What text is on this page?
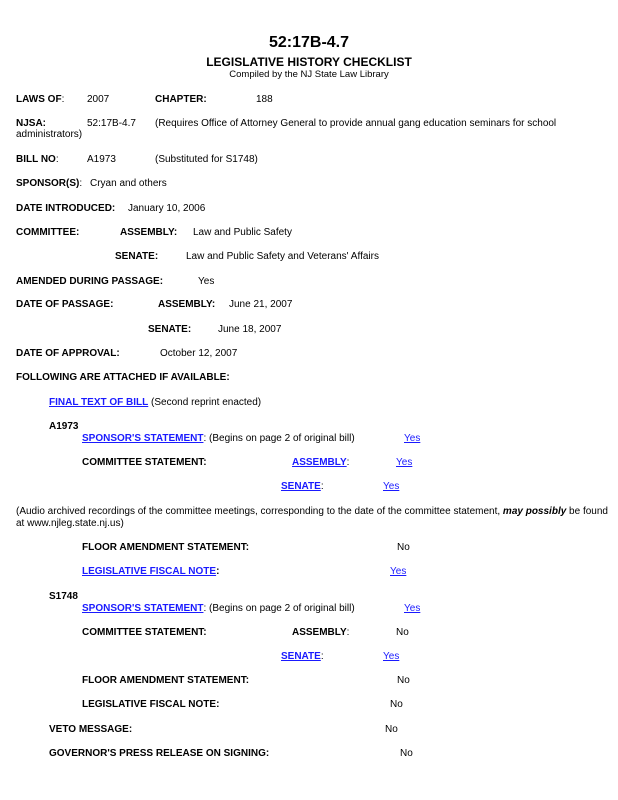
52:17B-4.7
LEGISLATIVE HISTORY CHECKLIST
Compiled by the NJ State Law Library
LAWS OF: 2007	CHAPTER:	188
NJSA:	52:17B-4.7 (Requires Office of Attorney General to provide annual gang education seminars for school
administrators)
BILL NO:	A1973	(Substituted for S1748)
SPONSOR(S): Cryan and others
DATE INTRODUCED: January 10, 2006
COMMITTEE:	ASSEMBLY: Law and Public Safety
SENATE:	Law and Public Safety and Veterans' Affairs
AMENDED DURING PASSAGE:	Yes
DATE OF PASSAGE:	ASSEMBLY: June 21, 2007
SENATE:	June 18, 2007
DATE OF APPROVAL:	October 12, 2007
FOLLOWING ARE ATTACHED IF AVAILABLE:
FINAL TEXT OF BILL (Second reprint enacted)
A1973
SPONSOR'S STATEMENT: (Begins on page 2 of original bill)	Yes
COMMITTEE STATEMENT:	ASSEMBLY:	Yes
SENATE:	Yes
(Audio archived recordings of the committee meetings, corresponding to the date of the committee statement, may possibly be found
at www.njleg.state.nj.us)
FLOOR AMENDMENT STATEMENT:	No
LEGISLATIVE FISCAL NOTE:	Yes
S1748
SPONSOR'S STATEMENT: (Begins on page 2 of original bill)	Yes
COMMITTEE STATEMENT:	ASSEMBLY:	No
SENATE:	Yes
FLOOR AMENDMENT STATEMENT:	No
LEGISLATIVE FISCAL NOTE:	No
VETO MESSAGE:	No
GOVERNOR'S PRESS RELEASE ON SIGNING:	No
